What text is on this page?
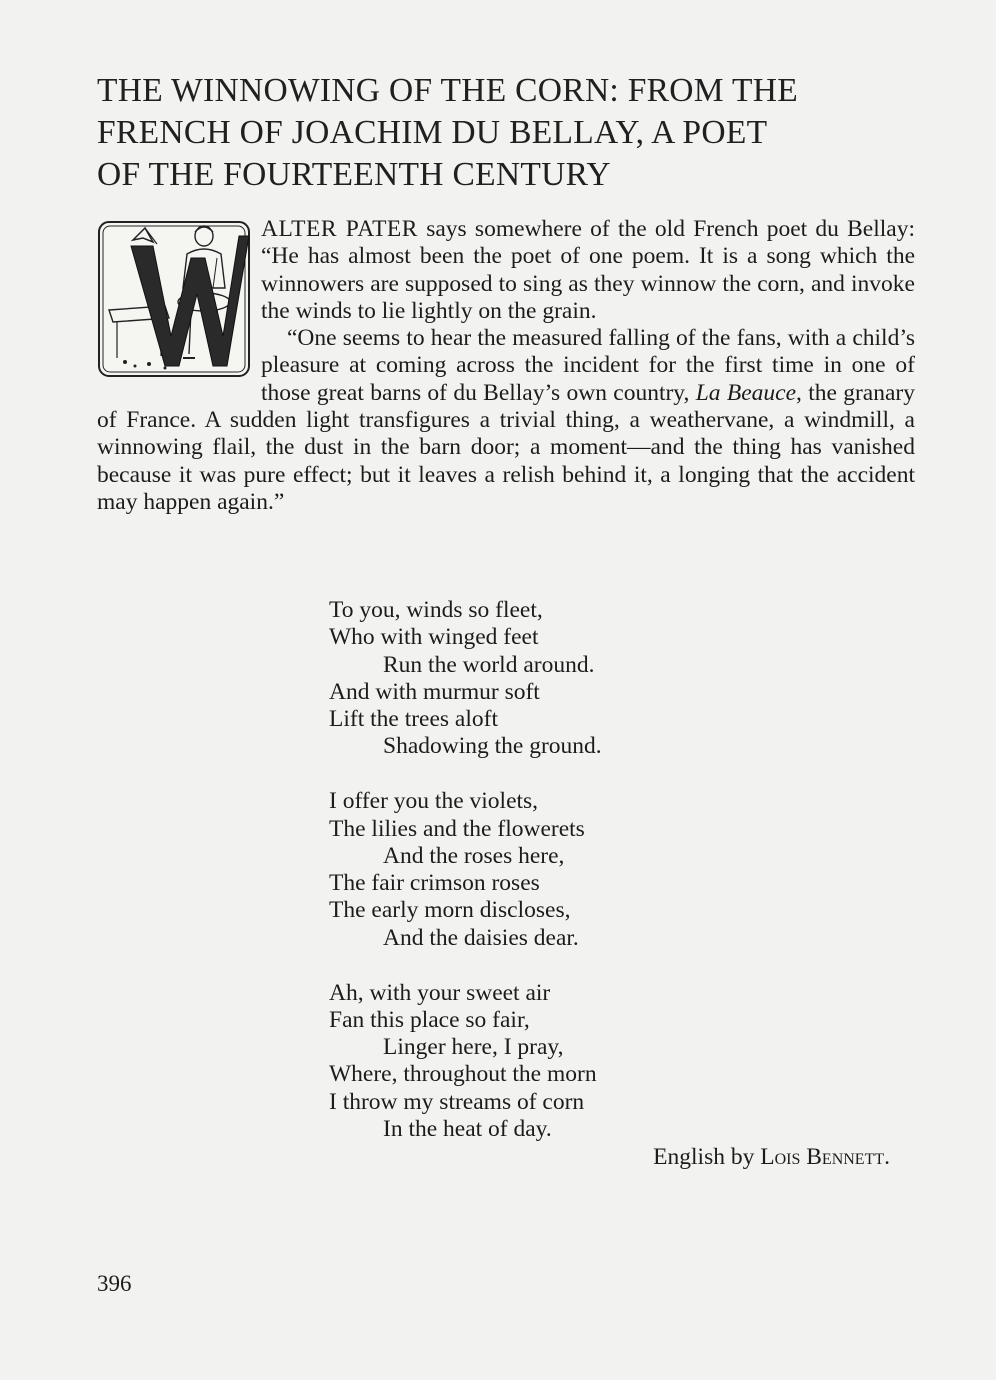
THE WINNOWING OF THE CORN: FROM THE
FRENCH OF JOACHIM DU BELLAY, A POET
OF THE FOURTEENTH CENTURY

ALTER PATER says somewhere of the old French poet du Bellay: “He has almost been the poet of one poem. It is a song which the winnowers are supposed to sing as they winnow the corn, and invoke the winds to lie lightly on the grain.

“One seems to hear the measured falling of the fans, with a child’s pleasure at coming across the incident for the first time in one of those great barns of du Bellay’s own country, La Beauce, the granary of France. A sudden light transfigures a trivial thing, a weathervane, a windmill, a winnowing flail, the dust in the barn door; a moment—and the thing has vanished because it was pure effect; but it leaves a relish behind it, a longing that the accident may happen again.”

To you, winds so fleet,
Who with winged feet
Run the world around.
And with murmur soft
Lift the trees aloft
Shadowing the ground.
I offer you the violets,
The lilies and the flowerets
And the roses here,
The fair crimson roses
The early morn discloses,
And the daisies dear.
Ah, with your sweet air
Fan this place so fair,
Linger here, I pray,
Where, throughout the morn
I throw my streams of corn
In the heat of day.
English by Lois Bennett.
396
